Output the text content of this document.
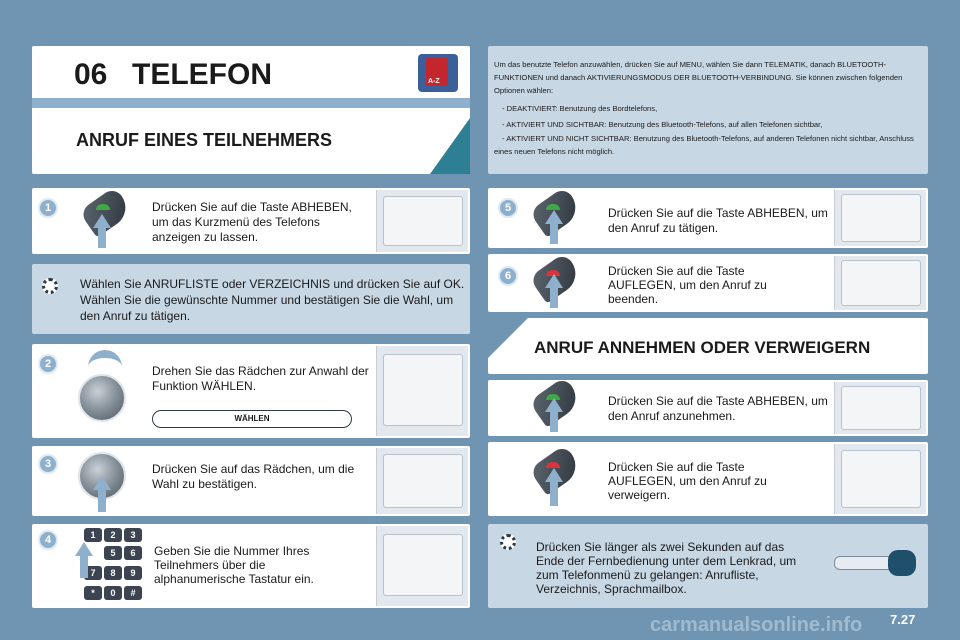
06 TELEFON	A-Z
ANRUF EINES TEILNEHMERS
Um das benutzte Telefon anzuwählen, drücken Sie auf MENU, wählen Sie dann TELEMATIK, danach BLUETOOTH-FUNKTIONEN und danach AKTIVIERUNGSMODUS DER BLUETOOTH-VERBINDUNG. Sie können zwischen folgenden Optionen wählen:
- DEAKTIVIERT: Benutzung des Bordtelefons,
- AKTIVIERT UND SICHTBAR: Benutzung des Bluetooth-Telefons, auf allen Telefonen sichtbar,
- AKTIVIERT UND NICHT SICHTBAR: Benutzung des Bluetooth-Telefons, auf anderen Telefonen nicht sichtbar, Anschluss eines neuen Telefons nicht möglich.
1	Drücken Sie auf die Taste ABHEBEN, um das Kurzmenü des Telefons anzeigen zu lassen.
Wählen Sie ANRUFLISTE oder VERZEICHNIS und drücken Sie auf OK. Wählen Sie die gewünschte Nummer und bestätigen Sie die Wahl, um den Anruf zu tätigen.
2	Drehen Sie das Rädchen zur Anwahl der Funktion WÄHLEN.
WÄHLEN
3	Drücken Sie auf das Rädchen, um die Wahl zu bestätigen.
4	1	2	3
5	6
7	8	9
*	0	#
Geben Sie die Nummer Ihres Teilnehmers über die alphanumerische Tastatur ein.
5	Drücken Sie auf die Taste ABHEBEN, um den Anruf zu tätigen.
6	Drücken Sie auf die Taste AUFLEGEN, um den Anruf zu beenden.
ANRUF ANNEHMEN ODER VERWEIGERN
Drücken Sie auf die Taste ABHEBEN, um den Anruf anzunehmen.
Drücken Sie auf die Taste AUFLEGEN, um den Anruf zu verweigern.
Drücken Sie länger als zwei Sekunden auf das Ende der Fernbedienung unter dem Lenkrad, um zum Telefonmenü zu gelangen: Anrufliste, Verzeichnis, Sprachmailbox.
7.27
carmanualsonline.info
